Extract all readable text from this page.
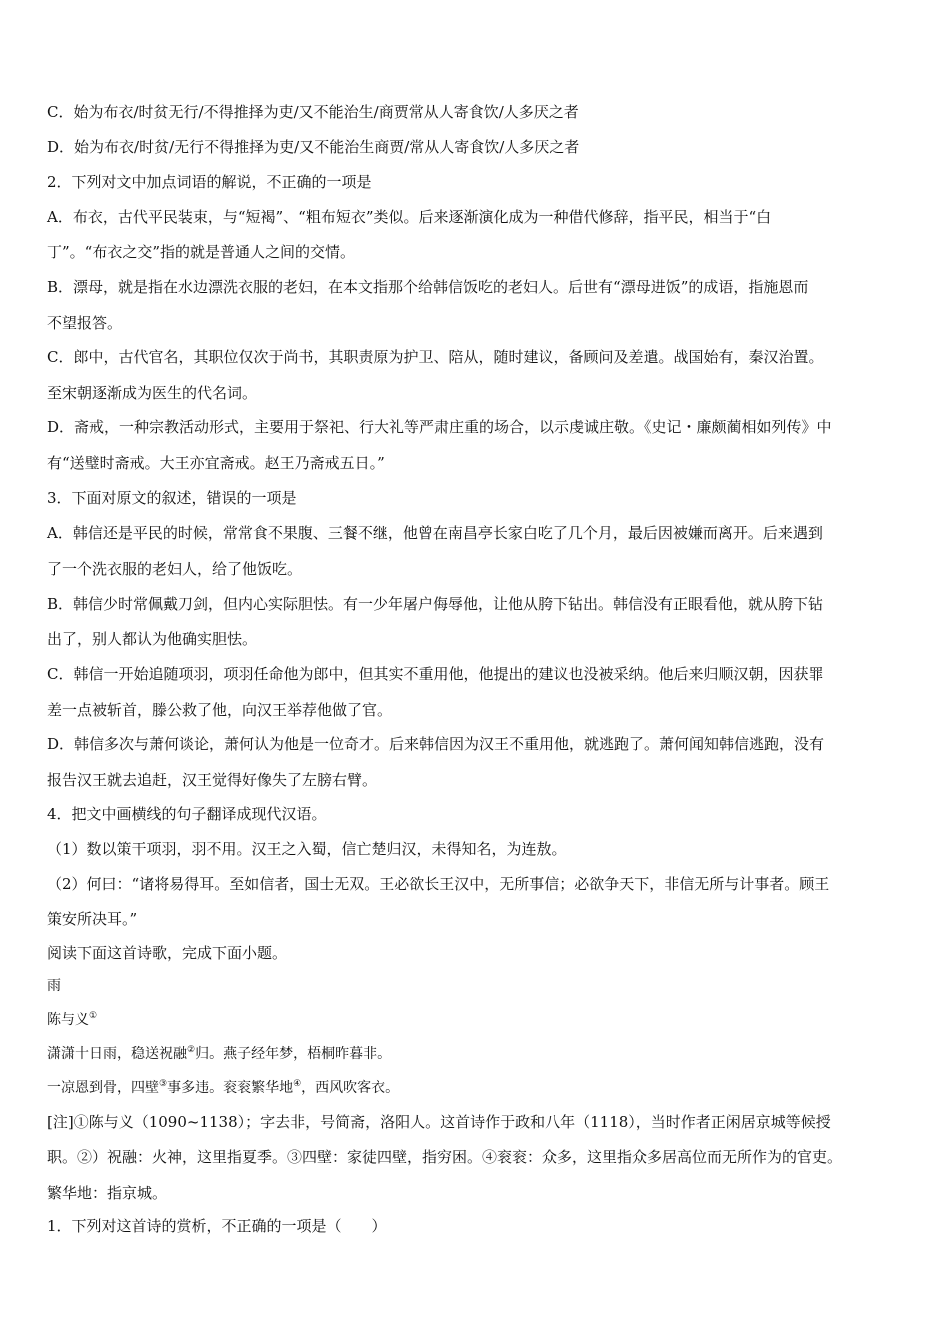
C．始为布衣/时贫无行/不得推择为吏/又不能治生/商贾常从人寄食饮/人多厌之者
D．始为布衣/时贫/无行不得推择为吏/又不能治生商贾/常从人寄食饮/人多厌之者
2．下列对文中加点词语的解说，不正确的一项是
A．布衣，古代平民装束，与“短褐”、“粗布短衣”类似。后来逐渐演化成为一种借代修辞，指平民，相当于“白
丁”。“布衣之交”指的就是普通人之间的交情。
B．漂母，就是指在水边漂洗衣服的老妇，在本文指那个给韩信饭吃的老妇人。后世有“漂母进饭”的成语，指施恩而
不望报答。
C．郎中，古代官名，其职位仅次于尚书，其职责原为护卫、陪从，随时建议，备顾问及差遣。战国始有，秦汉治置。
至宋朝逐渐成为医生的代名词。
D．斋戒，一种宗教活动形式，主要用于祭祀、行大礼等严肃庄重的场合，以示虔诚庄敬。《史记・廉颇蔺相如列传》中
有“送璧时斋戒。大王亦宜斋戒。赵王乃斋戒五日。”
3．下面对原文的叙述，错误的一项是
A．韩信还是平民的时候，常常食不果腹、三餐不继，他曾在南昌亭长家白吃了几个月，最后因被嫌而离开。后来遇到
了一个洗衣服的老妇人，给了他饭吃。
B．韩信少时常佩戴刀剑，但内心实际胆怯。有一少年屠户侮辱他，让他从胯下钻出。韩信没有正眼看他，就从胯下钻
出了，别人都认为他确实胆怯。
C．韩信一开始追随项羽，项羽任命他为郎中，但其实不重用他，他提出的建议也没被采纳。他后来归顺汉朝，因获罪
差一点被斩首，滕公救了他，向汉王举荐他做了官。
D．韩信多次与萧何谈论，萧何认为他是一位奇才。后来韩信因为汉王不重用他，就逃跑了。萧何闻知韩信逃跑，没有
报告汉王就去追赶，汉王觉得好像失了左膀右臂。
4．把文中画横线的句子翻译成现代汉语。
（1）数以策干项羽，羽不用。汉王之入蜀，信亡楚归汉，未得知名，为连敖。
（2）何曰：“诸将易得耳。至如信者，国士无双。王必欲长王汉中，无所事信；必欲争天下，非信无所与计事者。顾王
策安所决耳。”
阅读下面这首诗歌，完成下面小题。
雨
陈与义①
潇潇十日雨，稳送祝融②归。燕子经年梦，梧桐昨暮非。
一凉恩到骨，四壁③事多违。衮衮繁华地④，西风吹客衣。
[注]①陈与义（1090~1138）；字去非，号简斋，洛阳人。这首诗作于政和八年（1118），当时作者正闲居京城等候授
职。②）祝融：火神，这里指夏季。③四壁：家徒四壁，指穷困。④衮衮：众多，这里指众多居高位而无所作为的官吏。
繁华地：指京城。
1．下列对这首诗的赏析，不正确的一项是（　　）
